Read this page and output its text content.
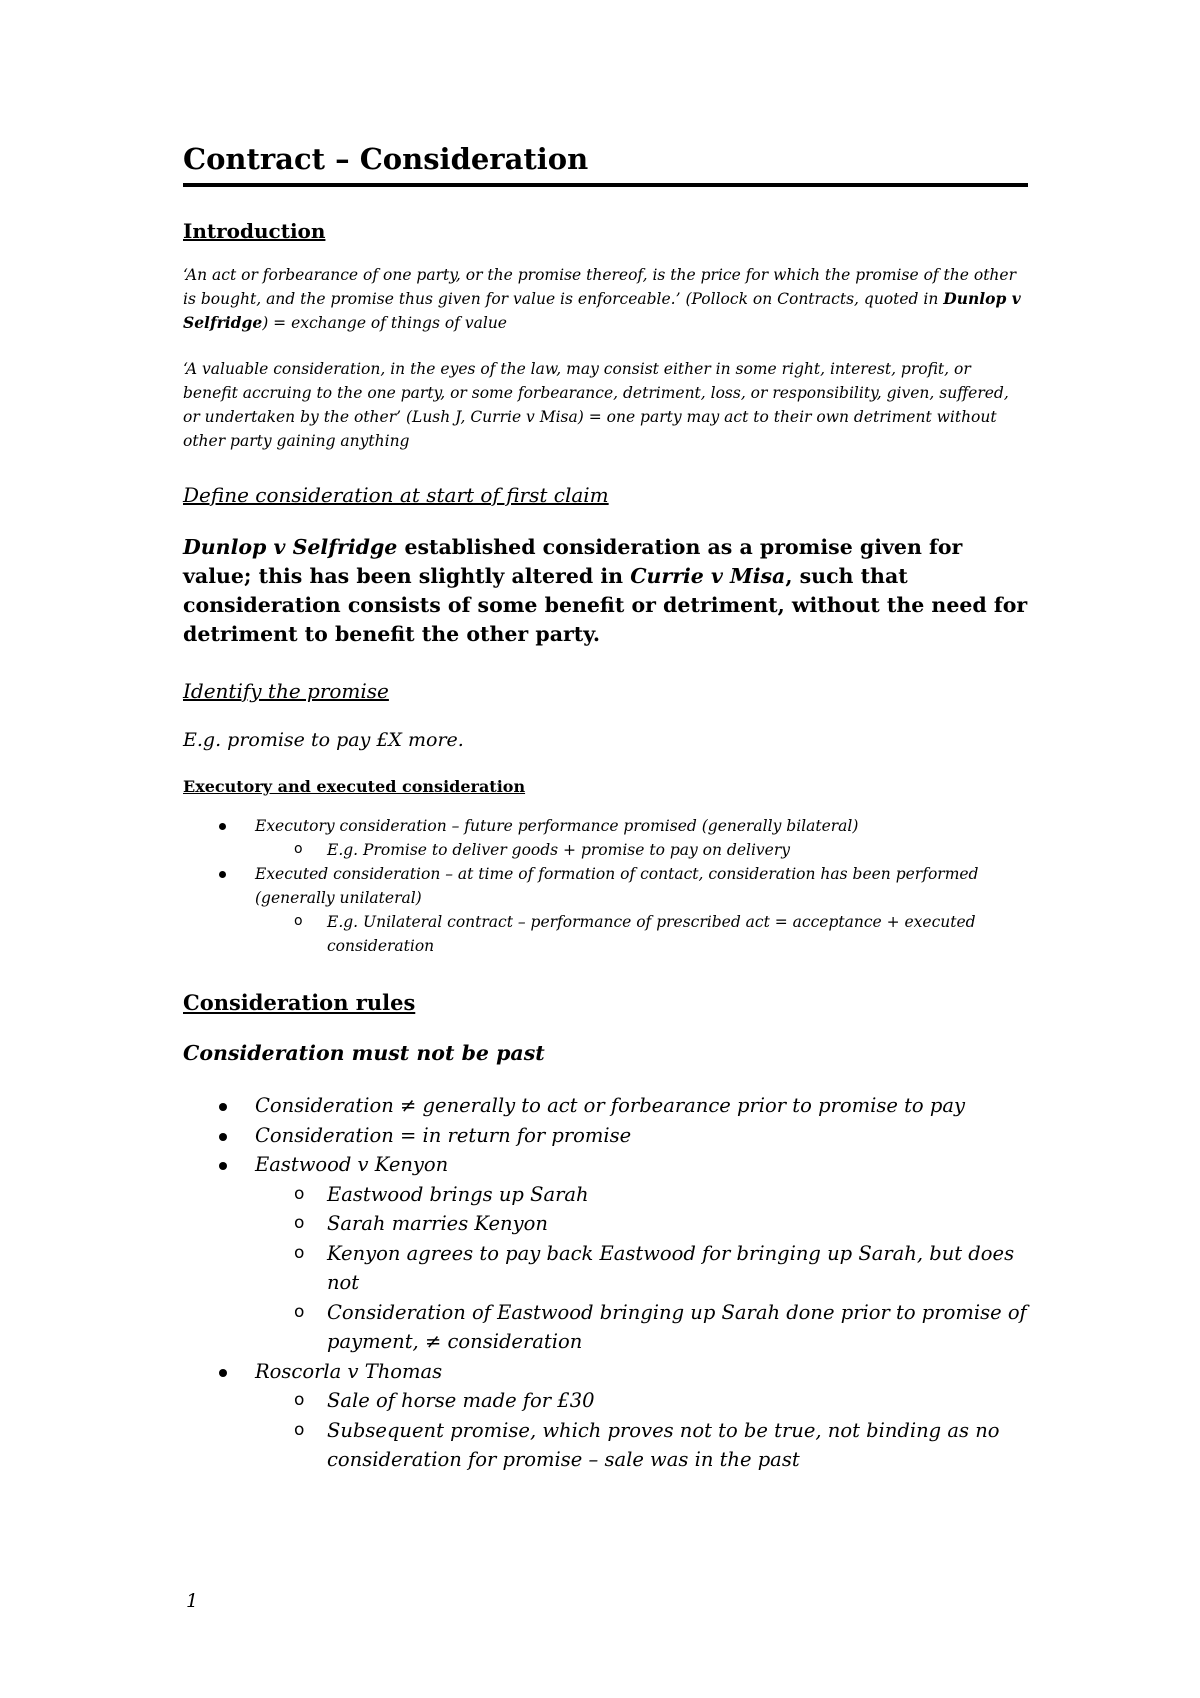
Contract – Consideration
Introduction

‘An act or forbearance of one party, or the promise thereof, is the price for which the promise of the other is bought, and the promise thus given for value is enforceable.’ (Pollock on Contracts, quoted in Dunlop v Selfridge) = exchange of things of value

‘A valuable consideration, in the eyes of the law, may consist either in some right, interest, profit, or benefit accruing to the one party, or some forbearance, detriment, loss, or responsibility, given, suffered, or undertaken by the other’ (Lush J, Currie v Misa) = one party may act to their own detriment without other party gaining anything

Define consideration at start of first claim

Dunlop v Selfridge established consideration as a promise given for value; this has been slightly altered in Currie v Misa, such that consideration consists of some benefit or detriment, without the need for detriment to benefit the other party.

Identify the promise
E.g. promise to pay £X more.
Executory and executed consideration
Executory consideration – future performance promised (generally bilateral)
o E.g. Promise to deliver goods + promise to pay on delivery
Executed consideration – at time of formation of contact, consideration has been performed (generally unilateral)
o E.g. Unilateral contract – performance of prescribed act = acceptance + executed consideration
Consideration rules
Consideration must not be past
Consideration ≠ generally to act or forbearance prior to promise to pay
Consideration = in return for promise
Eastwood v Kenyon
o Eastwood brings up Sarah
o Sarah marries Kenyon
o Kenyon agrees to pay back Eastwood for bringing up Sarah, but does not
o Consideration of Eastwood bringing up Sarah done prior to promise of payment, ≠ consideration
Roscorla v Thomas
o Sale of horse made for £30
o Subsequent promise, which proves not to be true, not binding as no consideration for promise – sale was in the past
1
